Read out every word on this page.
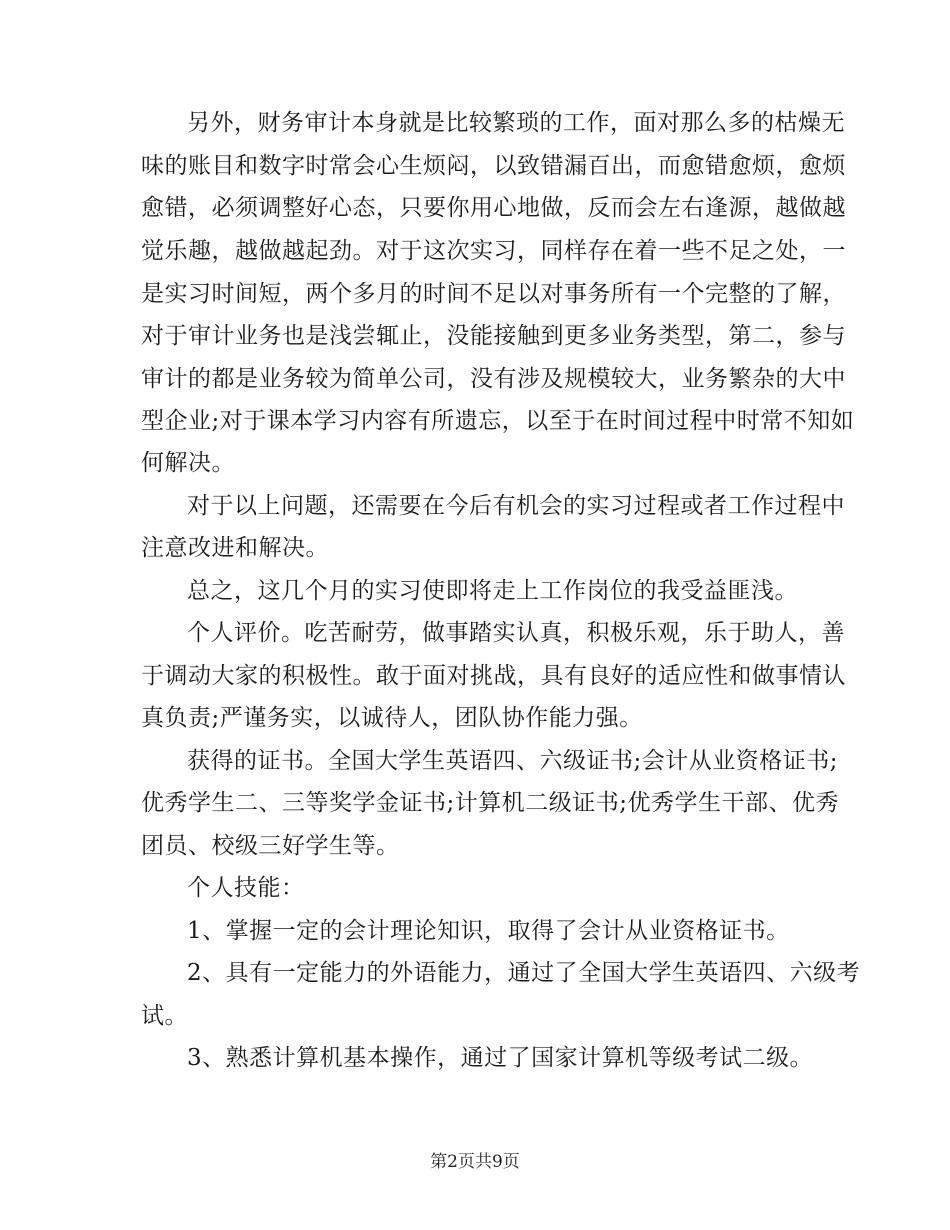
另外，财务审计本身就是比较繁琐的工作，面对那么多的枯燥无
味的账目和数字时常会心生烦闷，以致错漏百出，而愈错愈烦，愈烦
愈错，必须调整好心态，只要你用心地做，反而会左右逢源，越做越
觉乐趣，越做越起劲。对于这次实习，同样存在着一些不足之处，一
是实习时间短，两个多月的时间不足以对事务所有一个完整的了解，
对于审计业务也是浅尝辄止，没能接触到更多业务类型，第二，参与
审计的都是业务较为简单公司，没有涉及规模较大，业务繁杂的大中
型企业;对于课本学习内容有所遗忘，以至于在时间过程中时常不知如
何解决。
对于以上问题，还需要在今后有机会的实习过程或者工作过程中
注意改进和解决。
总之，这几个月的实习使即将走上工作岗位的我受益匪浅。
个人评价。吃苦耐劳，做事踏实认真，积极乐观，乐于助人，善
于调动大家的积极性。敢于面对挑战，具有良好的适应性和做事情认
真负责;严谨务实，以诚待人，团队协作能力强。
获得的证书。全国大学生英语四、六级证书;会计从业资格证书;
优秀学生二、三等奖学金证书;计算机二级证书;优秀学生干部、优秀
团员、校级三好学生等。
个人技能：
1、掌握一定的会计理论知识，取得了会计从业资格证书。
2、具有一定能力的外语能力，通过了全国大学生英语四、六级考
试。
3、熟悉计算机基本操作，通过了国家计算机等级考试二级。
第2页共9页
